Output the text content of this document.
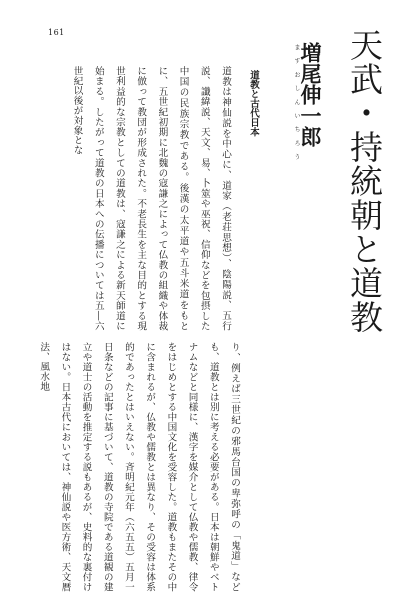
161	天武・持統朝と道教
ますおしんいちろう
増尾伸一郎
道教と古代日本

道教は神仙説を中心に、道家（老荘思想）、陰陽説、五行説、讖緯説、天文、易、卜筮や巫祝、信仰などを包摂した中国の民族宗教である。後漢の太平道や五斗米道をもとに、五世紀初期に北魏の寇謙之によって仏教の組織や体裁に倣って教団が形成された。不老長生を主な目的とする現世利益的な宗教としての道教は、寇謙之による新天師道に始まる。したがって道教の日本への伝播については五―六世紀以後が対象とな

り、例えば三世紀の邪馬台国の卑弥呼の「鬼道」なども、道教とは別に考える必要がある。日本は朝鮮やベトナムなどと同様に、漢字を媒介として仏教や儒教、律令をはじめとする中国文化を受容した。道教もまたその中に含まれるが、仏教や儒教とは異なり、その受容は体系的であったとはいえない。斉明紀元年（六五五）五月一日条などの記事に基づいて、道教の寺院である道観の建立や道士の活動を推定する説もあるが、史料的な裏付けはない。日本古代においては、神仙説や医方術、天文暦法、風水地
